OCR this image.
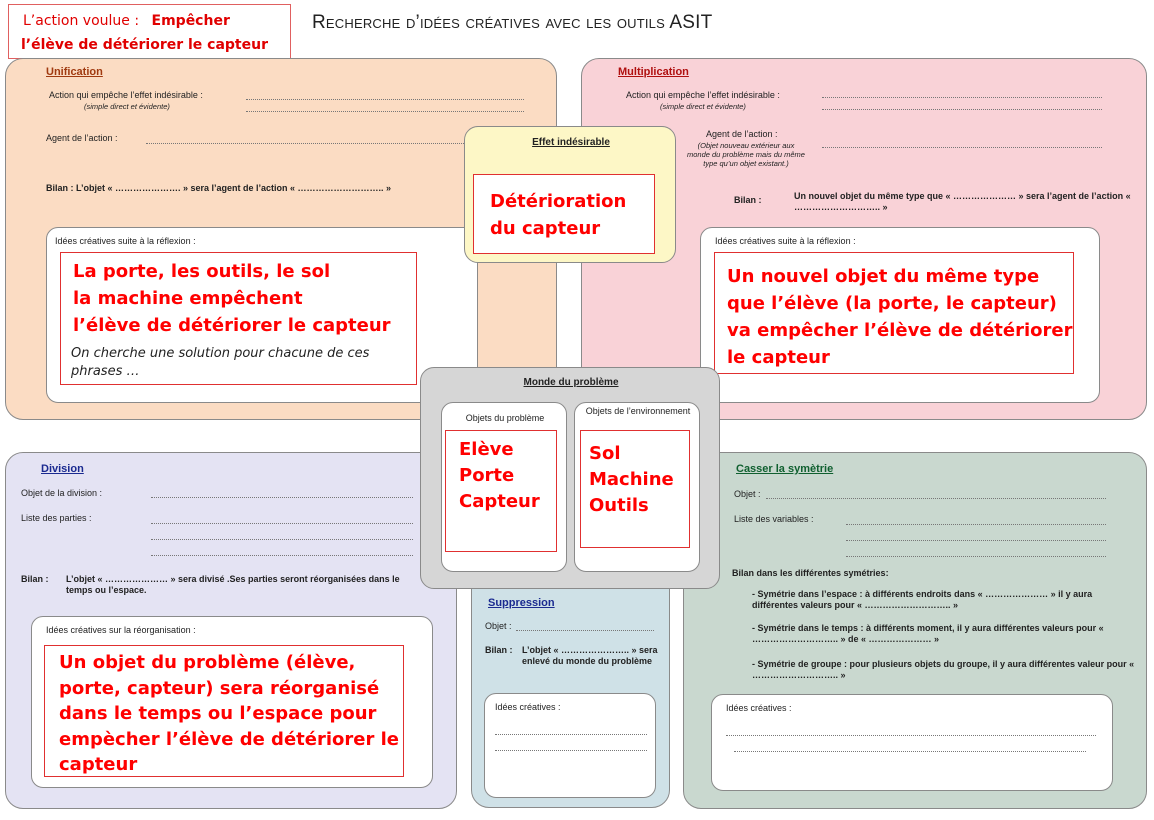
L’action voulue : Empêcher
l’élève de détériorer le capteur
Recherche d’idées créatives avec les outils ASIT
Unification
Action qui empêche l’effet indésirable :
(simple direct et évidente)
Agent de l’action :
Bilan : L’objet « …………………. » sera l’agent de l’action « ……………………….. »
Idées créatives suite à la réflexion :
La porte, les outils, le sol
la machine empêchent
l’élève de détériorer le capteur
On cherche une solution pour chacune de ces phrases …
Multiplication
Action qui empêche l’effet indésirable :
(simple direct et évidente)
Agent de l’action :
(Objet nouveau extérieur aux monde du problème mais du même type qu’un objet existant.)
Bilan :	Un nouvel objet du même type que « ………………… » sera l’agent de l’action « ……………………….. »
Idées créatives suite à la réflexion :
Un nouvel objet du même type que l’élève (la porte, le capteur) va empêcher l’élève de détériorer le capteur
Effet indésirable
Détérioration du capteur
Division
Objet de la division :
Liste des parties :
Bilan : L’objet « ………………… » sera divisé .Ses parties seront réorganisées dans le temps ou l’espace.
Idées créatives sur la réorganisation :
Un objet du problème (élève, porte, capteur) sera réorganisé dans le temps ou l’espace pour empècher l’élève de détériorer le capteur
Suppression
Objet :
Bilan : L’objet « ………………….. » sera enlevé du monde du problème
Idées créatives :
Casser la symètrie
Objet :
Liste des variables :
Bilan dans les différentes symétries:
- Symétrie dans l’espace : à différents endroits dans « ………………… » il y aura différentes valeurs pour « ……………………….. »
- Symétrie dans le temps : à différents moment, il y aura différentes valeurs pour « ……………………….. » de « ………………… »
- Symétrie de groupe : pour plusieurs objets du groupe, il y aura différentes valeur pour « ……………………….. »
Idées créatives :
Monde du problème
Objets du problème
Objets de l’environnement
Elève
Porte
Capteur
Sol
Machine
Outils
